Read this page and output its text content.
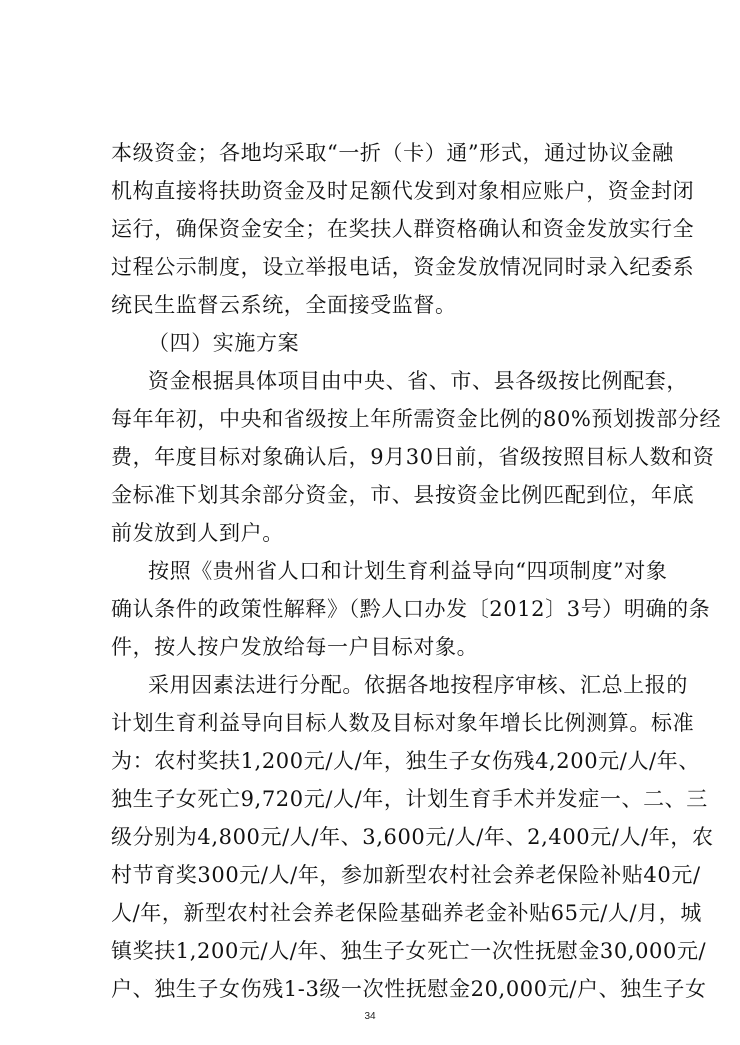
本级资金；各地均采取“一折（卡）通”形式，通过协议金融
机构直接将扶助资金及时足额代发到对象相应账户，资金封闭
运行，确保资金安全；在奖扶人群资格确认和资金发放实行全
过程公示制度，设立举报电话，资金发放情况同时录入纪委系
统民生监督云系统，全面接受监督。
（四）实施方案
资金根据具体项目由中央、省、市、县各级按比例配套，
每年年初，中央和省级按上年所需资金比例的80%预划拨部分经
费，年度目标对象确认后，9月30日前，省级按照目标人数和资
金标准下划其余部分资金，市、县按资金比例匹配到位，年底
前发放到人到户。
按照《贵州省人口和计划生育利益导向“四项制度”对象
确认条件的政策性解释》（黔人口办发〔2012〕3号）明确的条
件，按人按户发放给每一户目标对象。
采用因素法进行分配。依据各地按程序审核、汇总上报的
计划生育利益导向目标人数及目标对象年增长比例测算。标准
为：农村奖扶1,200元/人/年，独生子女伤残4,200元/人/年、
独生子女死亡9,720元/人/年，计划生育手术并发症一、二、三
级分别为4,800元/人/年、3,600元/人/年、2,400元/人/年，农
村节育奖300元/人/年，参加新型农村社会养老保险补贴40元/
人/年，新型农村社会养老保险基础养老金补贴65元/人/月，城
镇奖扶1,200元/人/年、独生子女死亡一次性抚慰金30,000元/
户、独生子女伤残1-3级一次性抚慰金20,000元/户、独生子女
34
